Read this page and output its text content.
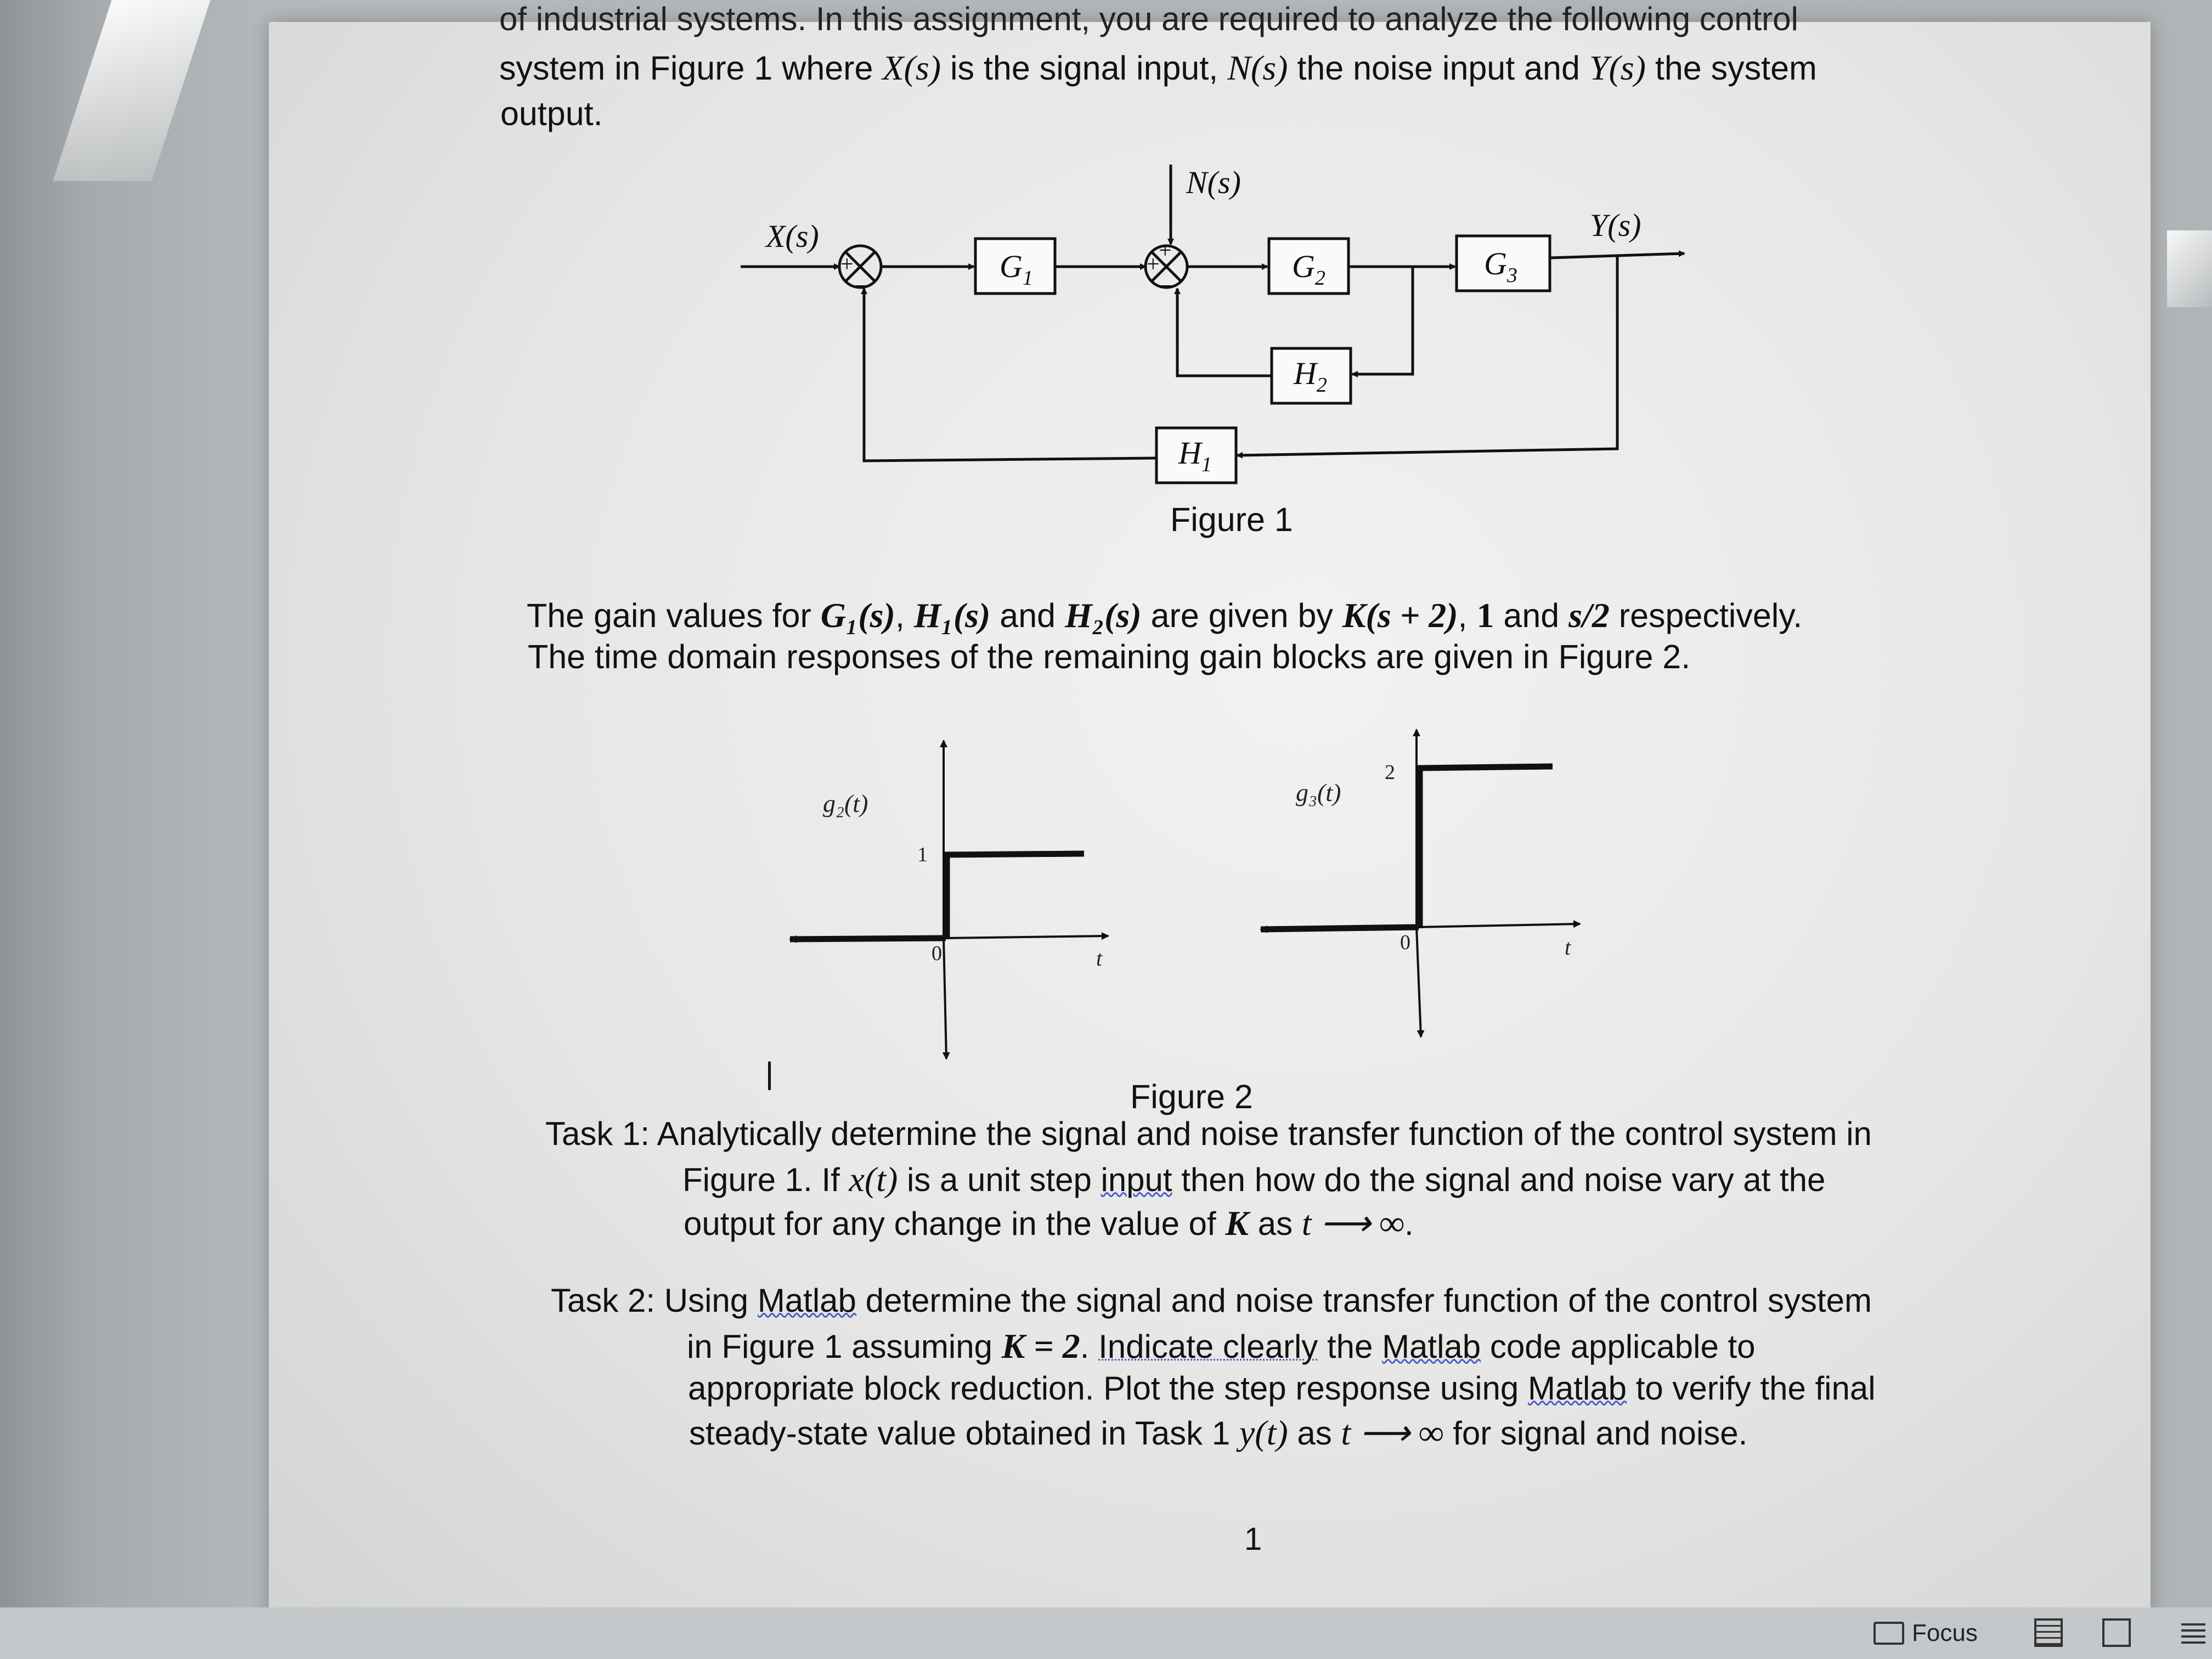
of industrial systems. In this assignment, you are required to analyze the following control
system in Figure 1 where X(s) is the signal input, N(s) the noise input and Y(s) the system
output.
X(s)
N(s)
Y(s)
+
−
+
+
−
$G_1$	$G_2$	$G_3$
$H_2$
$H_1$
Figure 1
The gain values for G₁(s), H₁(s) and H₂(s) are given by K(s + 2), 1 and s/2 respectively.
The time domain responses of the remaining gain blocks are given in Figure 2.
g₂(t)
1
0	t
g₃(t)
2
0	t
Figure 2
Task 1: Analytically determine the signal and noise transfer function of the control system in
Figure 1. If x(t) is a unit step input then how do the signal and noise vary at the
output for any change in the value of K as t ⟶ ∞.
Task 2: Using Matlab determine the signal and noise transfer function of the control system
in Figure 1 assuming K = 2. Indicate clearly the Matlab code applicable to
appropriate block reduction. Plot the step response using Matlab to verify the final
steady-state value obtained in Task 1 y(t) as t ⟶ ∞ for signal and noise.
1
Focus
